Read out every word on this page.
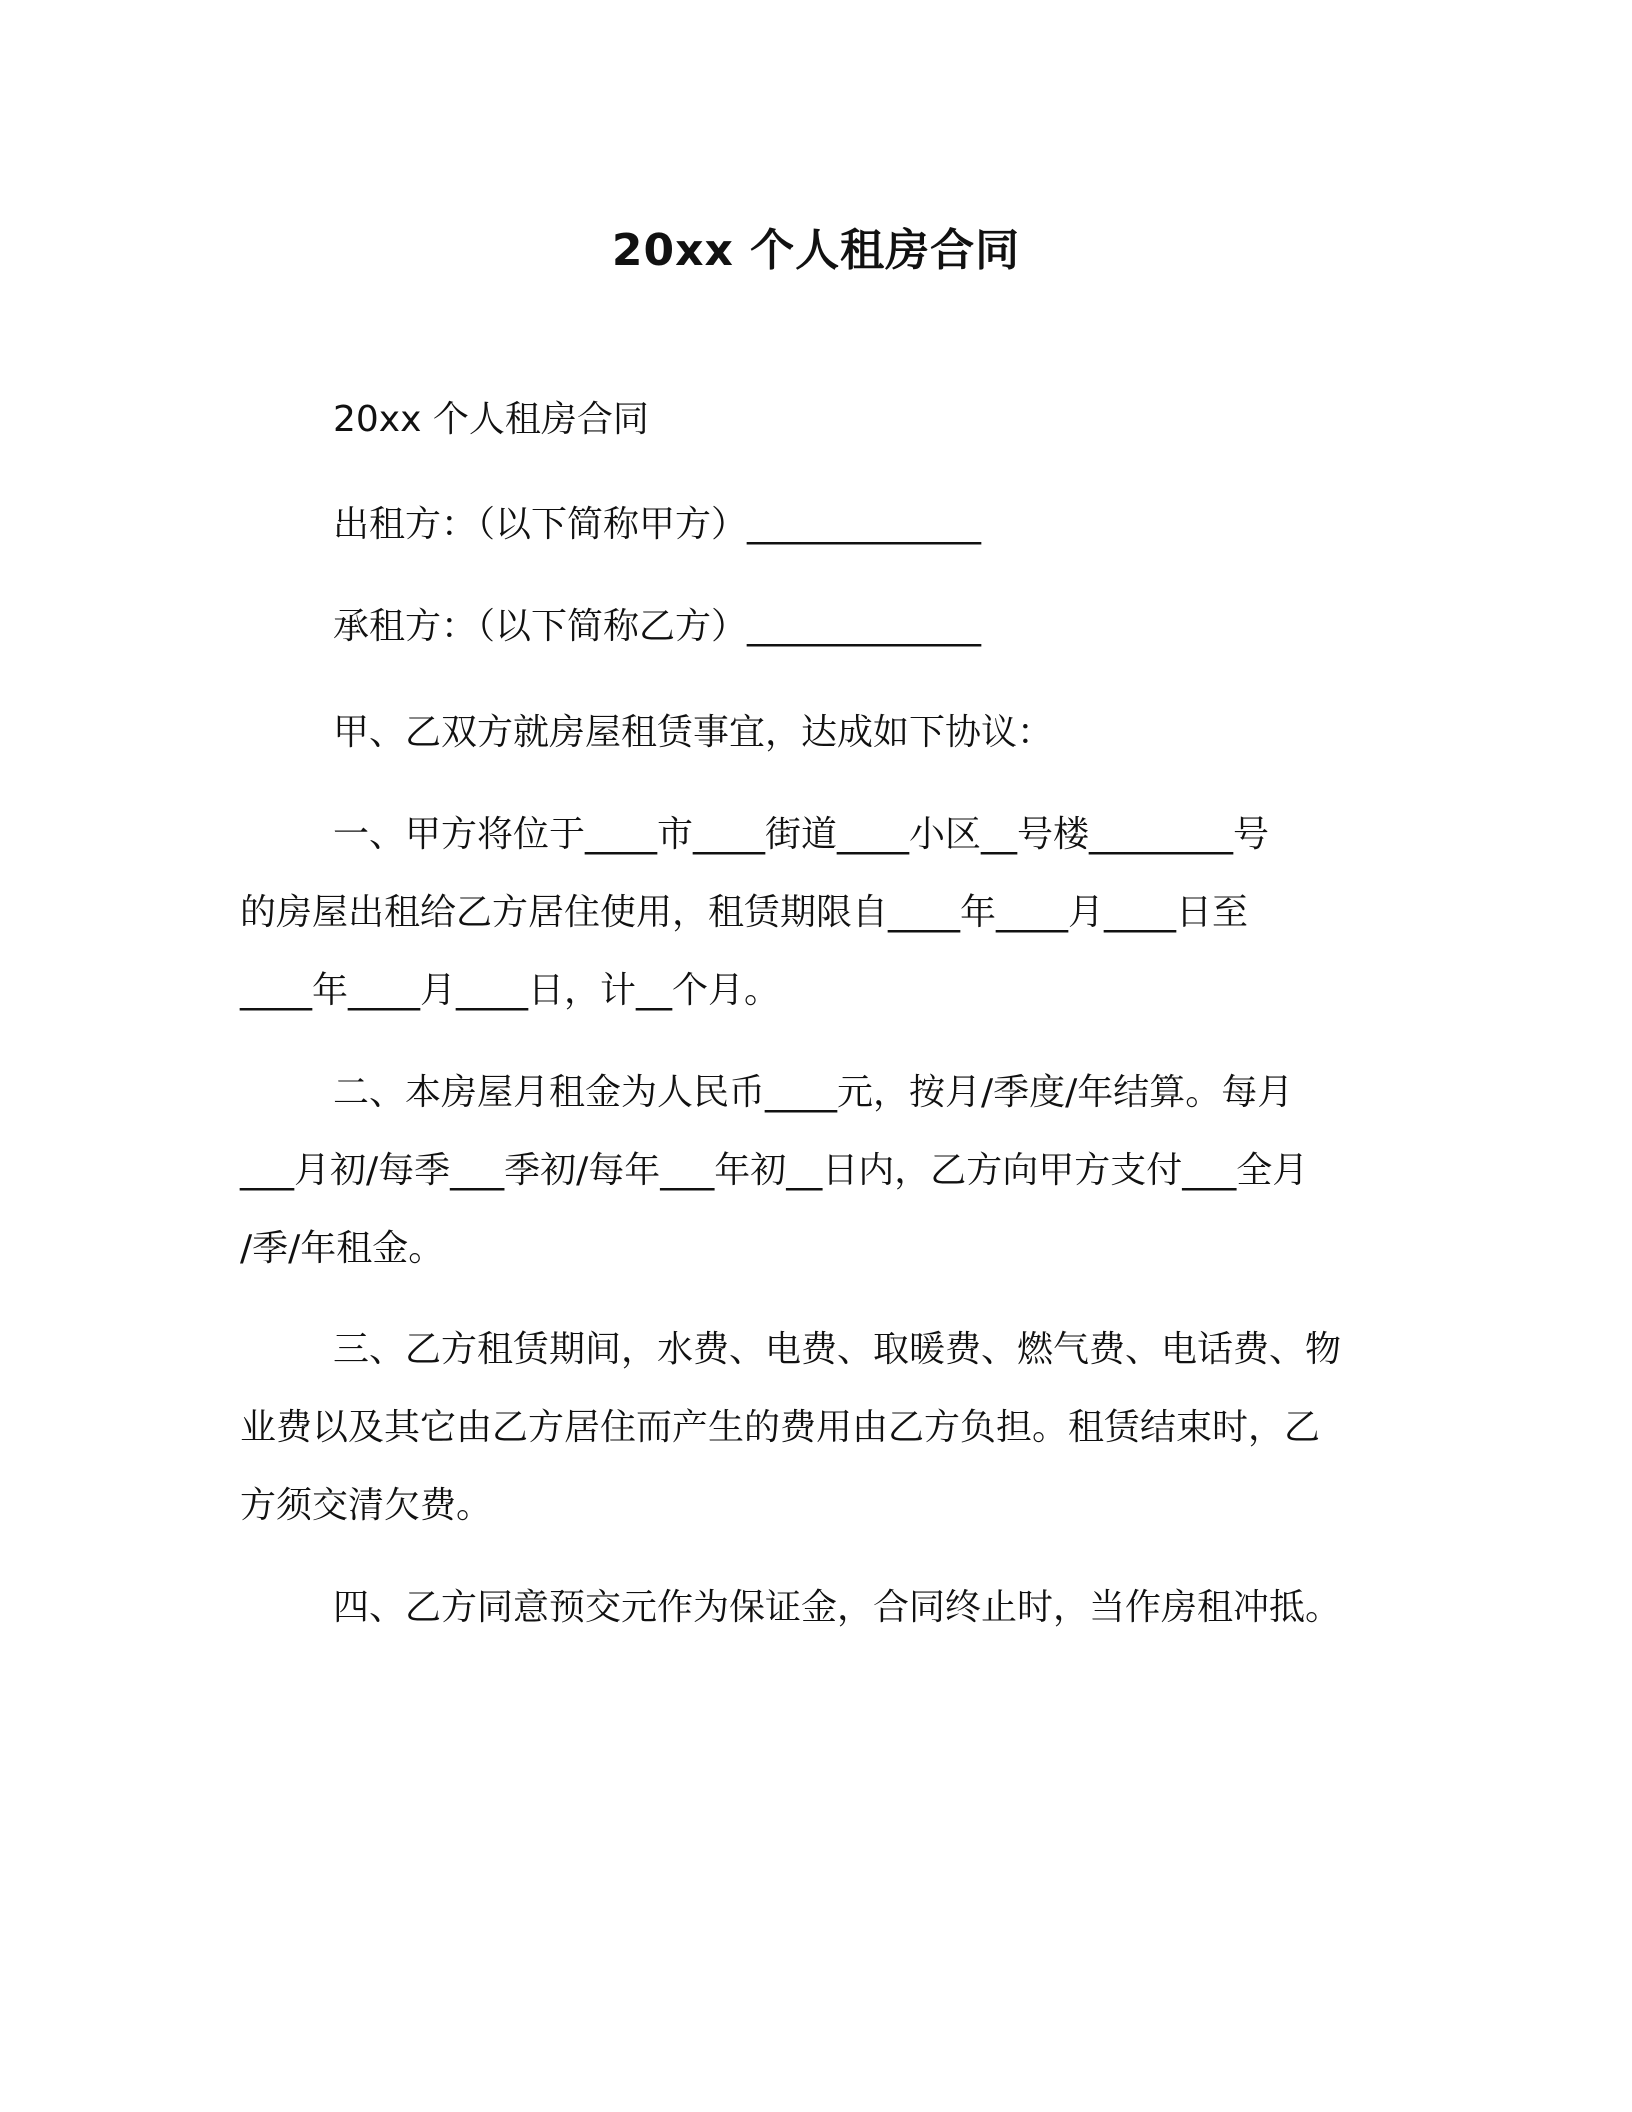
20xx 个人租房合同

20xx 个人租房合同

出租方：（以下简称甲方）_____________

承租方：（以下简称乙方）_____________

甲、乙双方就房屋租赁事宜，达成如下协议：

一、甲方将位于____市____街道____小区__号楼________号

的房屋出租给乙方居住使用，租赁期限自____年____月____日至

____年____月____日，计__个月。

二、本房屋月租金为人民币____元，按月/季度/年结算。每月

___月初/每季___季初/每年___年初__日内，乙方向甲方支付___全月

/季/年租金。

三、乙方租赁期间，水费、电费、取暖费、燃气费、电话费、物

业费以及其它由乙方居住而产生的费用由乙方负担。租赁结束时，乙

方须交清欠费。

四、乙方同意预交元作为保证金，合同终止时，当作房租冲抵。
